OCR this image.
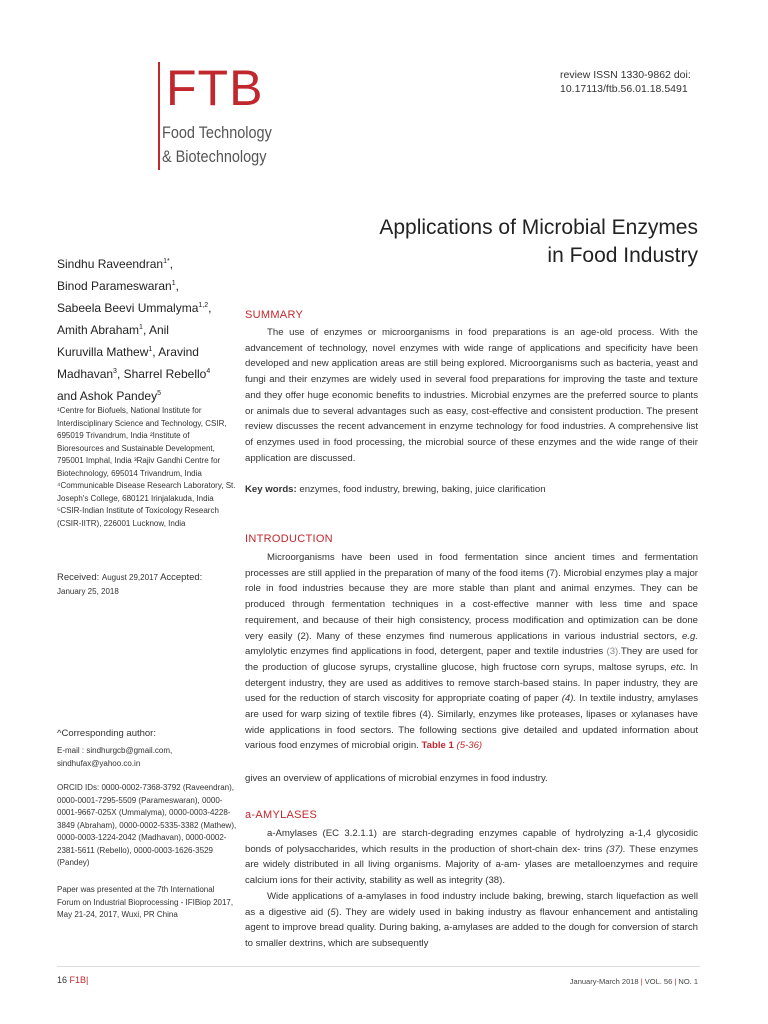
FTB
Food Technology
& Biotechnology
review ISSN 1330-9862 doi:
10.17113/ftb.56.01.18.5491
Applications of Microbial Enzymes
in Food Industry
Sindhu Raveendran$^{1*}$,
Binod Parameswaran$^1$,
Sabeela Beevi Ummalyma$^{1,2}$,
Amith Abraham$^1$, Anil
Kuruvilla Mathew$^1$, Aravind
Madhavan$^3$, Sharrel Rebello$^4$
and Ashok Pandey$^5$
¹Centre for Biofuels, National Institute for Interdisciplinary Science and Technology, CSIR, 695019 Trivandrum, India ²Institute of Bioresources and Sustainable Development, 795001 Imphal, India ³Rajiv Gandhi Centre for Biotechnology, 695014 Trivandrum, India ⁴Communicable Disease Research Laboratory, St. Joseph's College, 680121 Irinjalakuda, India ⁵CSIR-Indian Institute of Toxicology Research (CSIR-IITR), 226001 Lucknow, India
Received: August 29,2017 Accepted:
January 25, 2018
^Corresponding author:
E-mail : sindhurgcb@gmail.com,
sindhufax@yahoo.co.in
ORCID IDs: 0000-0002-7368-3792 (Raveendran), 0000-0001-7295-5509 (Parameswaran), 0000-0001-9667-025X (Ummalyma), 0000-0003-4228-3849 (Abraham), 0000-0002-5335-3382 (Mathew), 0000-0003-1224-2042 (Madhavan), 0000-0002-2381-5611 (Rebello), 0000-0003-1626-3529 (Pandey)
Paper was presented at the 7th International Forum on Industrial Bioprocessing - IFIBiop 2017, May 21-24, 2017, Wuxi, PR China
SUMMARY

The use of enzymes or microorganisms in food preparations is an age-old process. With the advancement of technology, novel enzymes with wide range of applications and specificity have been developed and new application areas are still being explored. Microorganisms such as bacteria, yeast and fungi and their enzymes are widely used in several food preparations for improving the taste and texture and they offer huge economic benefits to industries. Microbial enzymes are the preferred source to plants or animals due to several advantages such as easy, cost-effective and consistent production. The present review discusses the recent advancement in enzyme technology for food industries. A comprehensive list of enzymes used in food processing, the microbial source of these enzymes and the wide range of their application are discussed.

Key words: enzymes, food industry, brewing, baking, juice clarification

INTRODUCTION

Microorganisms have been used in food fermentation since ancient times and fermentation processes are still applied in the preparation of many of the food items (7). Microbial enzymes play a major role in food industries because they are more stable than plant and animal enzymes. They can be produced through fermentation techniques in a cost-effective manner with less time and space requirement, and because of their high consistency, process modification and optimization can be done very easily (2). Many of these enzymes find numerous applications in various industrial sectors, e.g. amylolytic enzymes find applications in food, detergent, paper and textile industries (3).They are used for the production of glucose syrups, crystalline glucose, high fructose corn syrups, maltose syrups, etc. In detergent industry, they are used as additives to remove starch-based stains. In paper industry, they are used for the reduction of starch viscosity for appropriate coating of paper (4). In textile industry, amylases are used for warp sizing of textile fibres (4). Similarly, enzymes like proteases, lipases or xylanases have wide applications in food sectors. The following sections give detailed and updated information about various food enzymes of microbial origin. Table 1 (5-36)

gives an overview of applications of microbial enzymes in food industry.

a-AMYLASES

a-Amylases (EC 3.2.1.1) are starch-degrading enzymes capable of hydrolyzing a-1,4 glycosidic bonds of polysaccharides, which results in the production of short-chain dex- trins (37). These enzymes are widely distributed in all living organisms. Majority of a-am- ylases are metalloenzymes and require calcium ions for their activity, stability as well as integrity (38).

Wide applications of a-amylases in food industry include baking, brewing, starch liquefaction as well as a digestive aid (5). They are widely used in baking industry as flavour enhancement and antistaling agent to improve bread quality. During baking, a-amylases are added to the dough for conversion of starch to smaller dextrins, which are subsequently

16 F1B|	January-March 2018 | VOL. 56 | NO. 1
